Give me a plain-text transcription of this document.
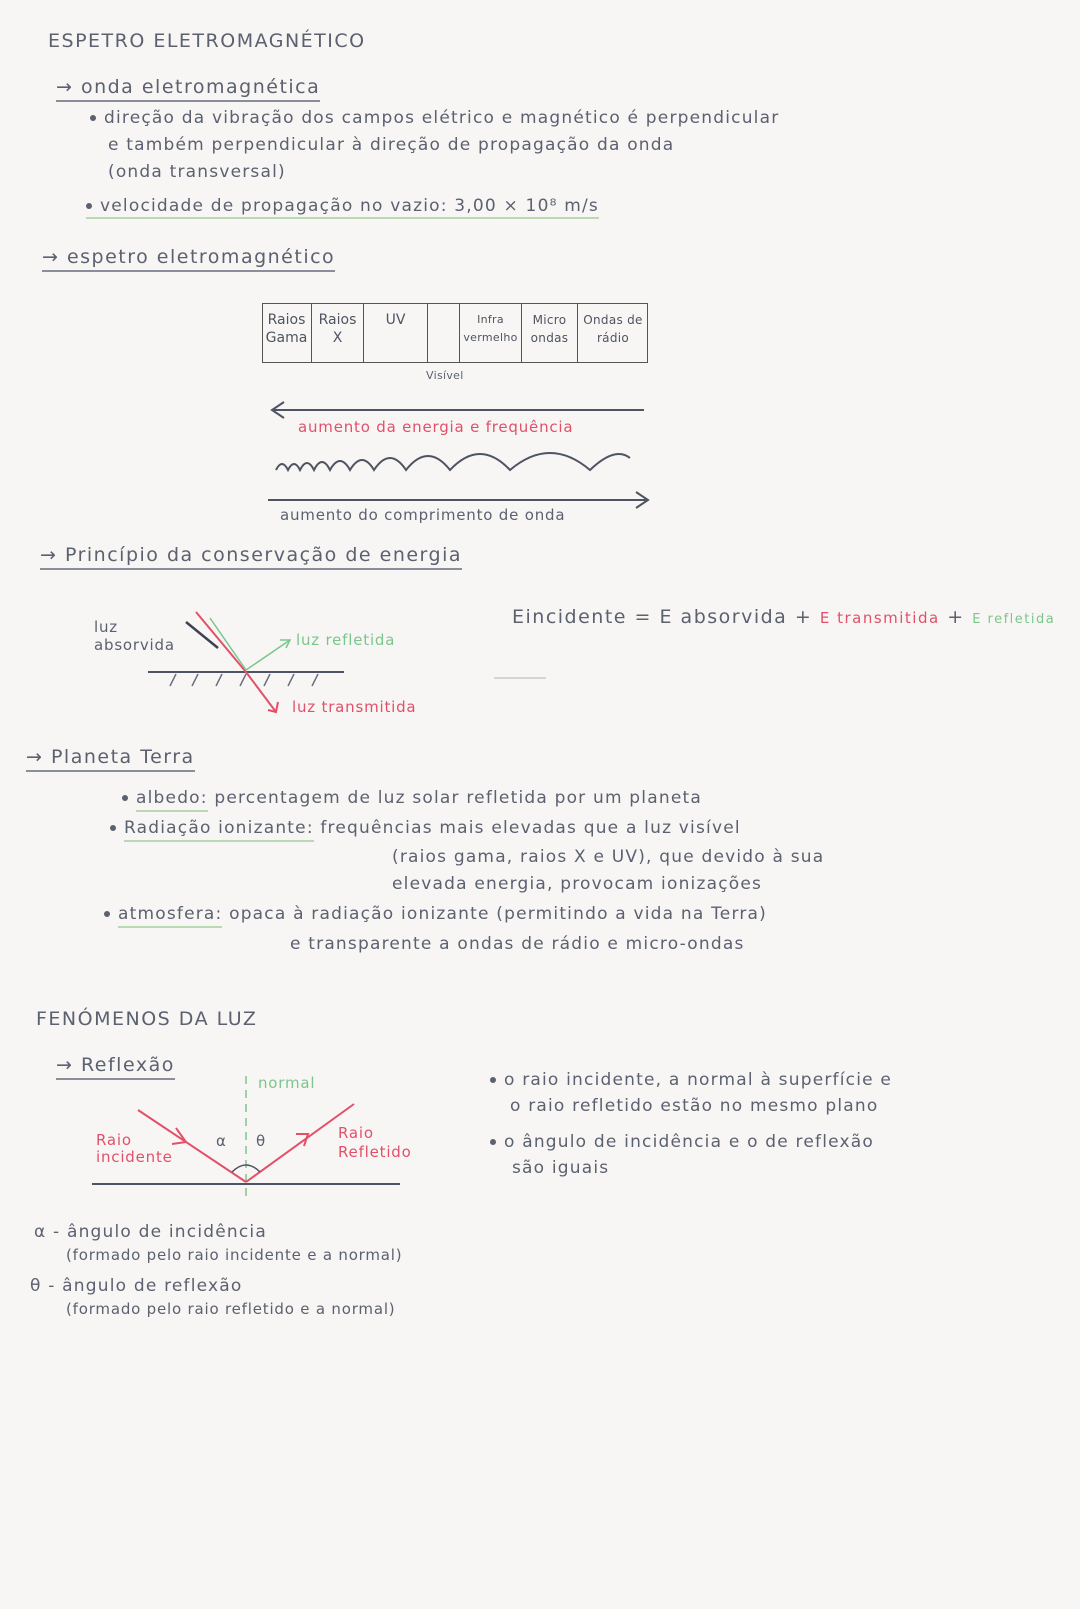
ESPETRO ELETROMAGNÉTICO
→ onda eletromagnética
direção da vibração dos campos elétrico e magnético é perpendicular
e também perpendicular à direção de propagação da onda
(onda transversal)
velocidade de propagação no vazio: 3,00 × 10⁸ m/s
→ espetro eletromagnético
Raios Gama
Raios X
UV	Infra vermelho
Micro ondas
Ondas de rádio
Visível
aumento da energia e frequência
aumento do comprimento de onda
→ Princípio da conservação de energia
luz absorvida	luz refletida
luz transmitida
Eincidente = E absorvida + E transmitida + E refletida
→ Planeta Terra
albedo: percentagem de luz solar refletida por um planeta
Radiação ionizante: frequências mais elevadas que a luz visível
(raios gama, raios X e UV), que devido à sua
elevada energia, provocam ionizações
atmosfera: opaca à radiação ionizante (permitindo a vida na Terra)
e transparente a ondas de rádio e micro-ondas
FENÓMENOS DA LUZ
→ Reflexão
normal
Raio incidente
Raio Refletido
α θ
o raio incidente, a normal à superfície e
o raio refletido estão no mesmo plano
o ângulo de incidência e o de reflexão
são iguais
α - ângulo de incidência
(formado pelo raio incidente e a normal)
θ - ângulo de reflexão
(formado pelo raio refletido e a normal)
